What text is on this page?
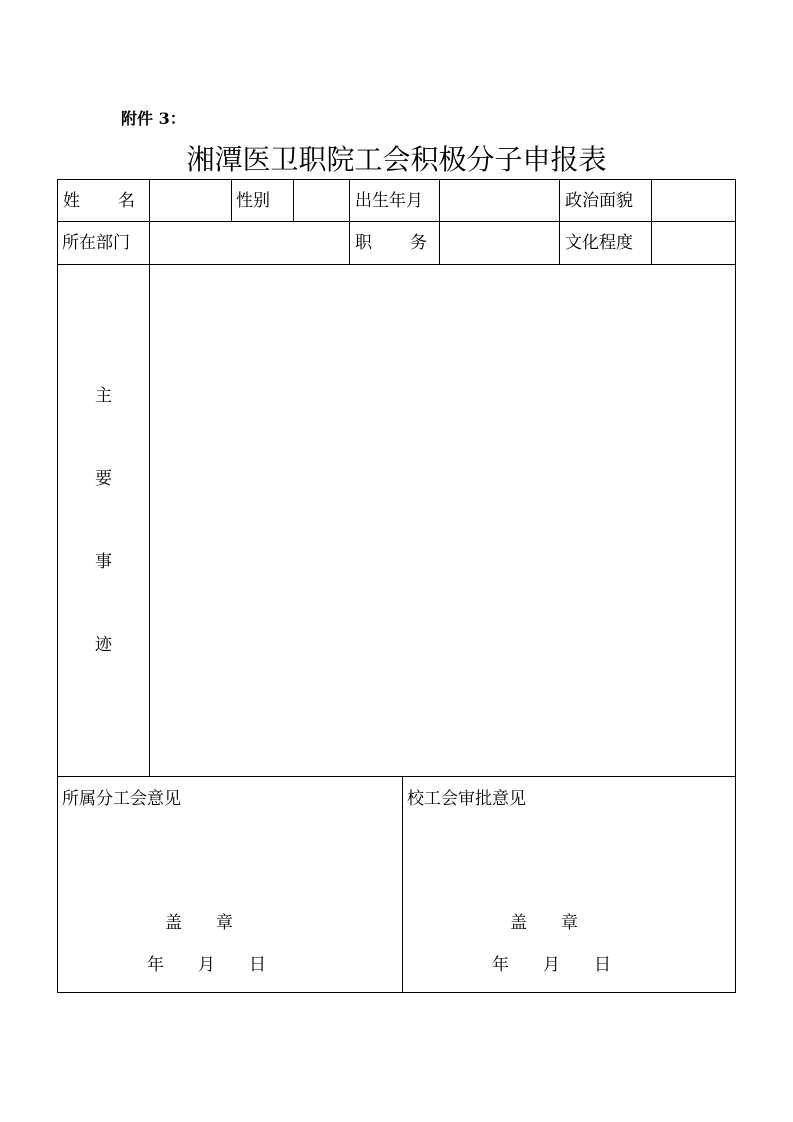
附件 3：
湘潭医卫职院工会积极分子申报表
姓 名	性别	出生年月	政治面貌
所在部门	职 务	文化程度
主
要
事
迹
所属分工会意见
盖　　章
年　　月　　日
校工会审批意见
盖　　章
年　　月　　日
